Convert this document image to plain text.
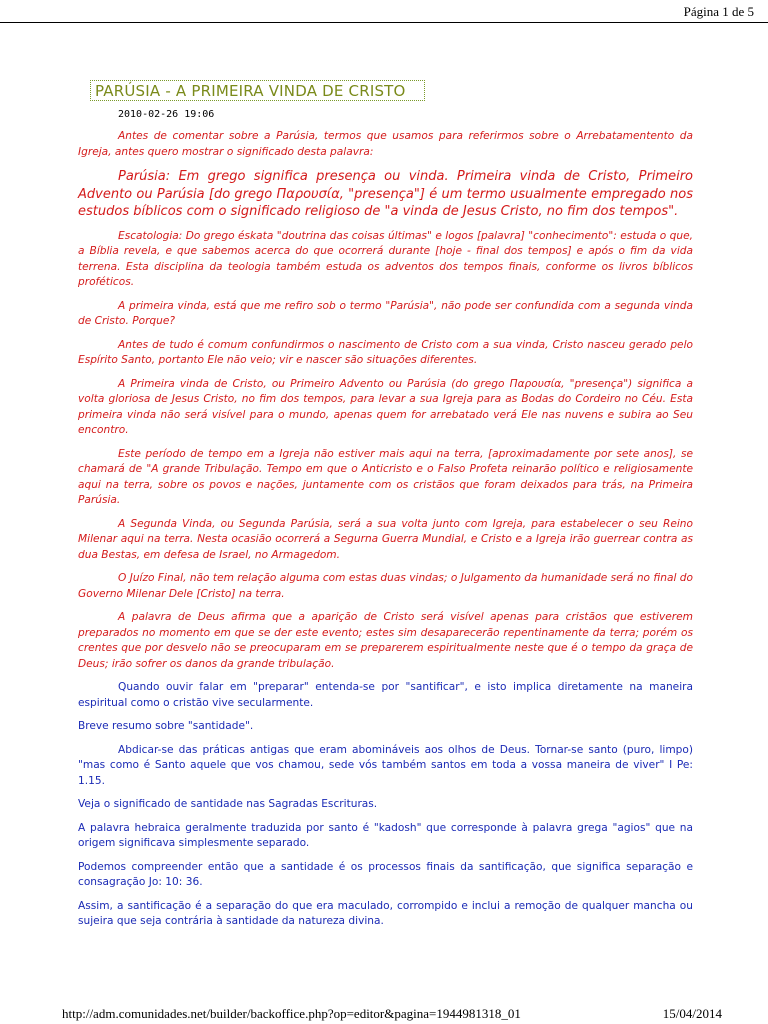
Página 1 de 5
PARÚSIA - A PRIMEIRA VINDA DE CRISTO
2010-02-26 19:06

Antes de comentar sobre a Parúsia, termos que usamos para referirmos sobre o Arrebatamentento da Igreja, antes quero mostrar o significado desta palavra:

Parúsia: Em grego significa presença ou vinda. Primeira vinda de Cristo, Primeiro Advento ou Parúsia [do grego Παρουσία, "presença"] é um termo usualmente empregado nos estudos bíblicos com o significado religioso de "a vinda de Jesus Cristo, no fim dos tempos".

Escatologia: Do grego éskata "doutrina das coisas últimas" e logos [palavra] "conhecimento": estuda o que, a Bíblia revela, e que sabemos acerca do que ocorrerá durante [hoje - final dos tempos] e após o fim da vida terrena. Esta disciplina da teologia também estuda os adventos dos tempos finais, conforme os livros bíblicos proféticos.

A primeira vinda, está que me refiro sob o termo "Parúsia", não pode ser confundida com a segunda vinda de Cristo. Porque?

Antes de tudo é comum confundirmos o nascimento de Cristo com a sua vinda, Cristo nasceu gerado pelo Espírito Santo, portanto Ele não veio; vir e nascer são situações diferentes.

A Primeira vinda de Cristo, ou Primeiro Advento ou Parúsia (do grego Παρουσία, "presença") significa a volta gloriosa de Jesus Cristo, no fim dos tempos, para levar a sua Igreja para as Bodas do Cordeiro no Céu. Esta primeira vinda não será visível para o mundo, apenas quem for arrebatado verá Ele nas nuvens e subira ao Seu encontro.

Este período de tempo em a Igreja não estiver mais aqui na terra, [aproximadamente por sete anos], se chamará de "A grande Tribulação. Tempo em que o Anticristo e o Falso Profeta reinarão político e religiosamente aqui na terra, sobre os povos e nações, juntamente com os cristãos que foram deixados para trás, na Primeira Parúsia.

A Segunda Vinda, ou Segunda Parúsia, será a sua volta junto com Igreja, para estabelecer o seu Reino Milenar aqui na terra. Nesta ocasião ocorrerá a Segurna Guerra Mundial, e Cristo e a Igreja irão guerrear contra as dua Bestas, em defesa de Israel, no Armagedom.

O Juízo Final, não tem relação alguma com estas duas vindas; o Julgamento da humanidade será no final do Governo Milenar Dele [Cristo] na terra.

A palavra de Deus afirma que a aparição de Cristo será visível apenas para cristãos que estiverem preparados no momento em que se der este evento; estes sim desaparecerão repentinamente da terra; porém os crentes que por desvelo não se preocuparam em se preparerem espiritualmente neste que é o tempo da graça de Deus; irão sofrer os danos da grande tribulação.

Quando ouvir falar em "preparar" entenda-se por "santificar", e isto implica diretamente na maneira espiritual como o cristão vive secularmente.

Breve resumo sobre "santidade".

Abdicar-se das práticas antigas que eram abomináveis aos olhos de Deus. Tornar-se santo (puro, limpo) "mas como é Santo aquele que vos chamou, sede vós também santos em toda a vossa maneira de viver" I Pe: 1.15.

Veja o significado de santidade nas Sagradas Escrituras.

A palavra hebraica geralmente traduzida por santo é "kadosh" que corresponde à palavra grega "agios" que na origem significava simplesmente separado.

Podemos compreender então que a santidade é os processos finais da santificação, que significa separação e consagração Jo: 10: 36.

Assim, a santificação é a separação do que era maculado, corrompido e inclui a remoção de qualquer mancha ou sujeira que seja contrária à santidade da natureza divina.

http://adm.comunidades.net/builder/backoffice.php?op=editor&pagina=1944981318_01	15/04/2014
